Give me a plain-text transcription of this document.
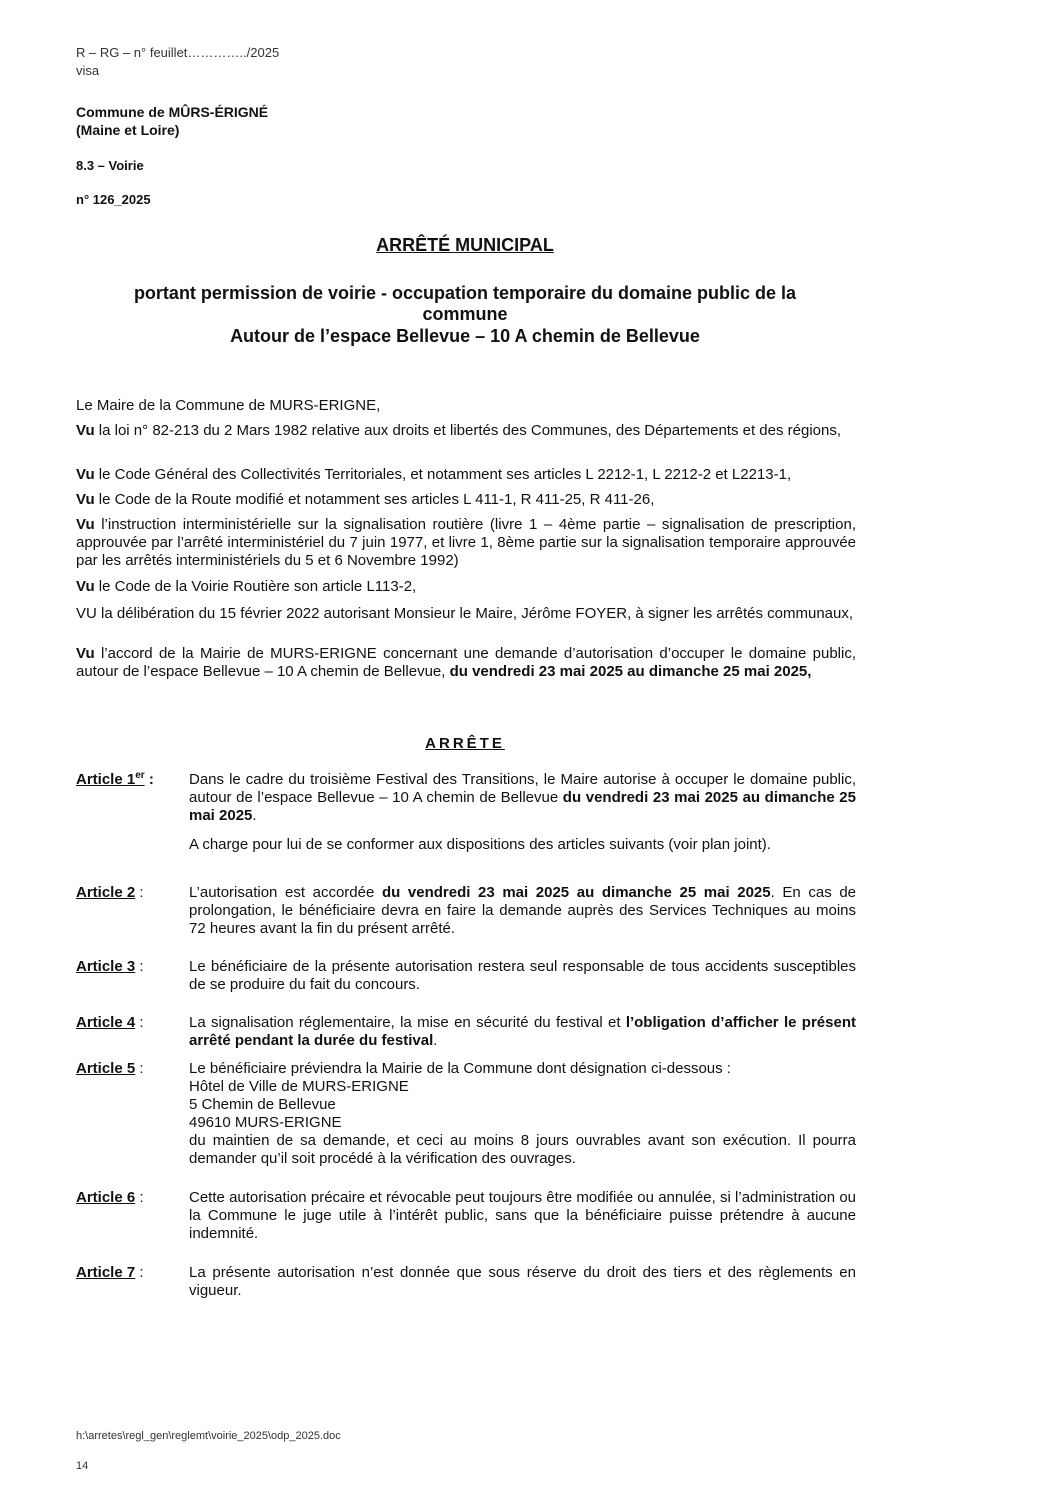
R – RG – n° feuillet…………../2025
visa
Commune de MÛRS-ÉRIGNÉ
(Maine et Loire)
8.3 – Voirie
n° 126_2025
ARRÊTÉ MUNICIPAL
portant permission de voirie - occupation temporaire du domaine public de la
commune
Autour de l’espace Bellevue – 10 A chemin de Bellevue
Le Maire de la Commune de MURS-ERIGNE,
Vu la loi n° 82-213 du 2 Mars 1982 relative aux droits et libertés des Communes, des Départements et des régions,
Vu le Code Général des Collectivités Territoriales, et notamment ses articles L 2212-1, L 2212-2 et L2213-1,
Vu le Code de la Route modifié et notamment ses articles L 411-1, R 411-25, R 411-26,
Vu l’instruction interministérielle sur la signalisation routière (livre 1 – 4ème partie – signalisation de prescription, approuvée par l’arrêté interministériel du 7 juin 1977, et livre 1, 8ème partie sur la signalisation temporaire approuvée par les arrêtés interministériels du 5 et 6 Novembre 1992)
Vu le Code de la Voirie Routière son article L113-2,
VU la délibération du 15 février 2022 autorisant Monsieur le Maire, Jérôme FOYER, à signer les arrêtés communaux,
Vu l’accord de la Mairie de MURS-ERIGNE concernant une demande d’autorisation d’occuper le domaine public, autour de l’espace Bellevue – 10 A chemin de Bellevue, du vendredi 23 mai 2025 au dimanche 25 mai 2025,
ARRÊTE
Article 1er : Dans le cadre du troisième Festival des Transitions, le Maire autorise à occuper le domaine public, autour de l’espace Bellevue – 10 A chemin de Bellevue du vendredi 23 mai 2025 au dimanche 25 mai 2025.
A charge pour lui de se conformer aux dispositions des articles suivants (voir plan joint).
Article 2 :	L’autorisation est accordée du vendredi 23 mai 2025 au dimanche 25 mai 2025. En cas de prolongation, le bénéficiaire devra en faire la demande auprès des Services Techniques au moins 72 heures avant la fin du présent arrêté.
Article 3 :	Le bénéficiaire de la présente autorisation restera seul responsable de tous accidents susceptibles de se produire du fait du concours.
Article 4 :	La signalisation réglementaire, la mise en sécurité du festival et l’obligation d’afficher le présent arrêté pendant la durée du festival.
Article 5 :	Le bénéficiaire préviendra la Mairie de la Commune dont désignation ci-dessous :
Hôtel de Ville de MURS-ERIGNE
5 Chemin de Bellevue
49610 MURS-ERIGNE
du maintien de sa demande, et ceci au moins 8 jours ouvrables avant son exécution. Il pourra demander qu’il soit procédé à la vérification des ouvrages.
Article 6 :	Cette autorisation précaire et révocable peut toujours être modifiée ou annulée, si l’administration ou la Commune le juge utile à l’intérêt public, sans que la bénéficiaire puisse prétendre à aucune indemnité.
Article 7 :	La présente autorisation n’est donnée que sous réserve du droit des tiers et des règlements en vigueur.
h:\arretes\regl_gen\reglemt\voirie_2025\odp_2025.doc
14
